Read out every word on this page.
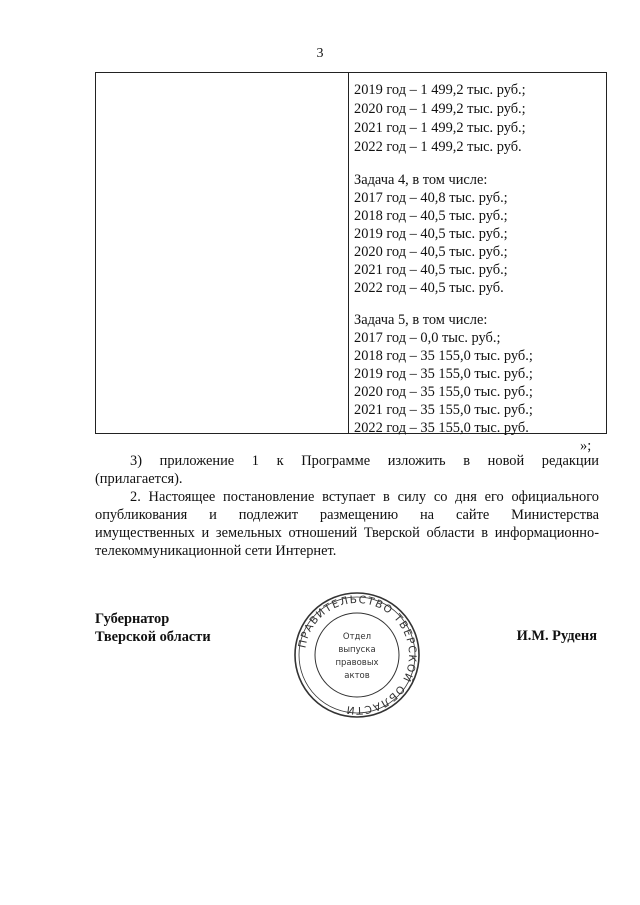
3
2019 год – 1 499,2 тыс. руб.;
2020 год – 1 499,2 тыс. руб.;
2021 год – 1 499,2 тыс. руб.;
2022 год – 1 499,2 тыс. руб.
Задача 4, в том числе:
2017 год – 40,8 тыс. руб.;
2018 год – 40,5 тыс. руб.;
2019 год – 40,5 тыс. руб.;
2020 год – 40,5 тыс. руб.;
2021 год – 40,5 тыс. руб.;
2022 год – 40,5 тыс. руб.
Задача 5, в том числе:
2017 год – 0,0 тыс. руб.;
2018 год – 35 155,0 тыс. руб.;
2019 год – 35 155,0 тыс. руб.;
2020 год – 35 155,0 тыс. руб.;
2021 год – 35 155,0 тыс. руб.;
2022 год – 35 155,0 тыс. руб.
»;
3) приложение 1 к Программе изложить в новой редакции
(прилагается).
2. Настоящее постановление вступает в силу со дня его официального
опубликования и подлежит размещению на сайте Министерства
имущественных и земельных отношений Тверской области в информационно-
телекоммуникационной сети Интернет.
Губернатор
Тверской области	И.М. Руденя
ПРАВИТЕЛЬСТВО ТВЕРСКОЙ ОБЛАСТИ
Отдел
выпуска
правовых
актов
